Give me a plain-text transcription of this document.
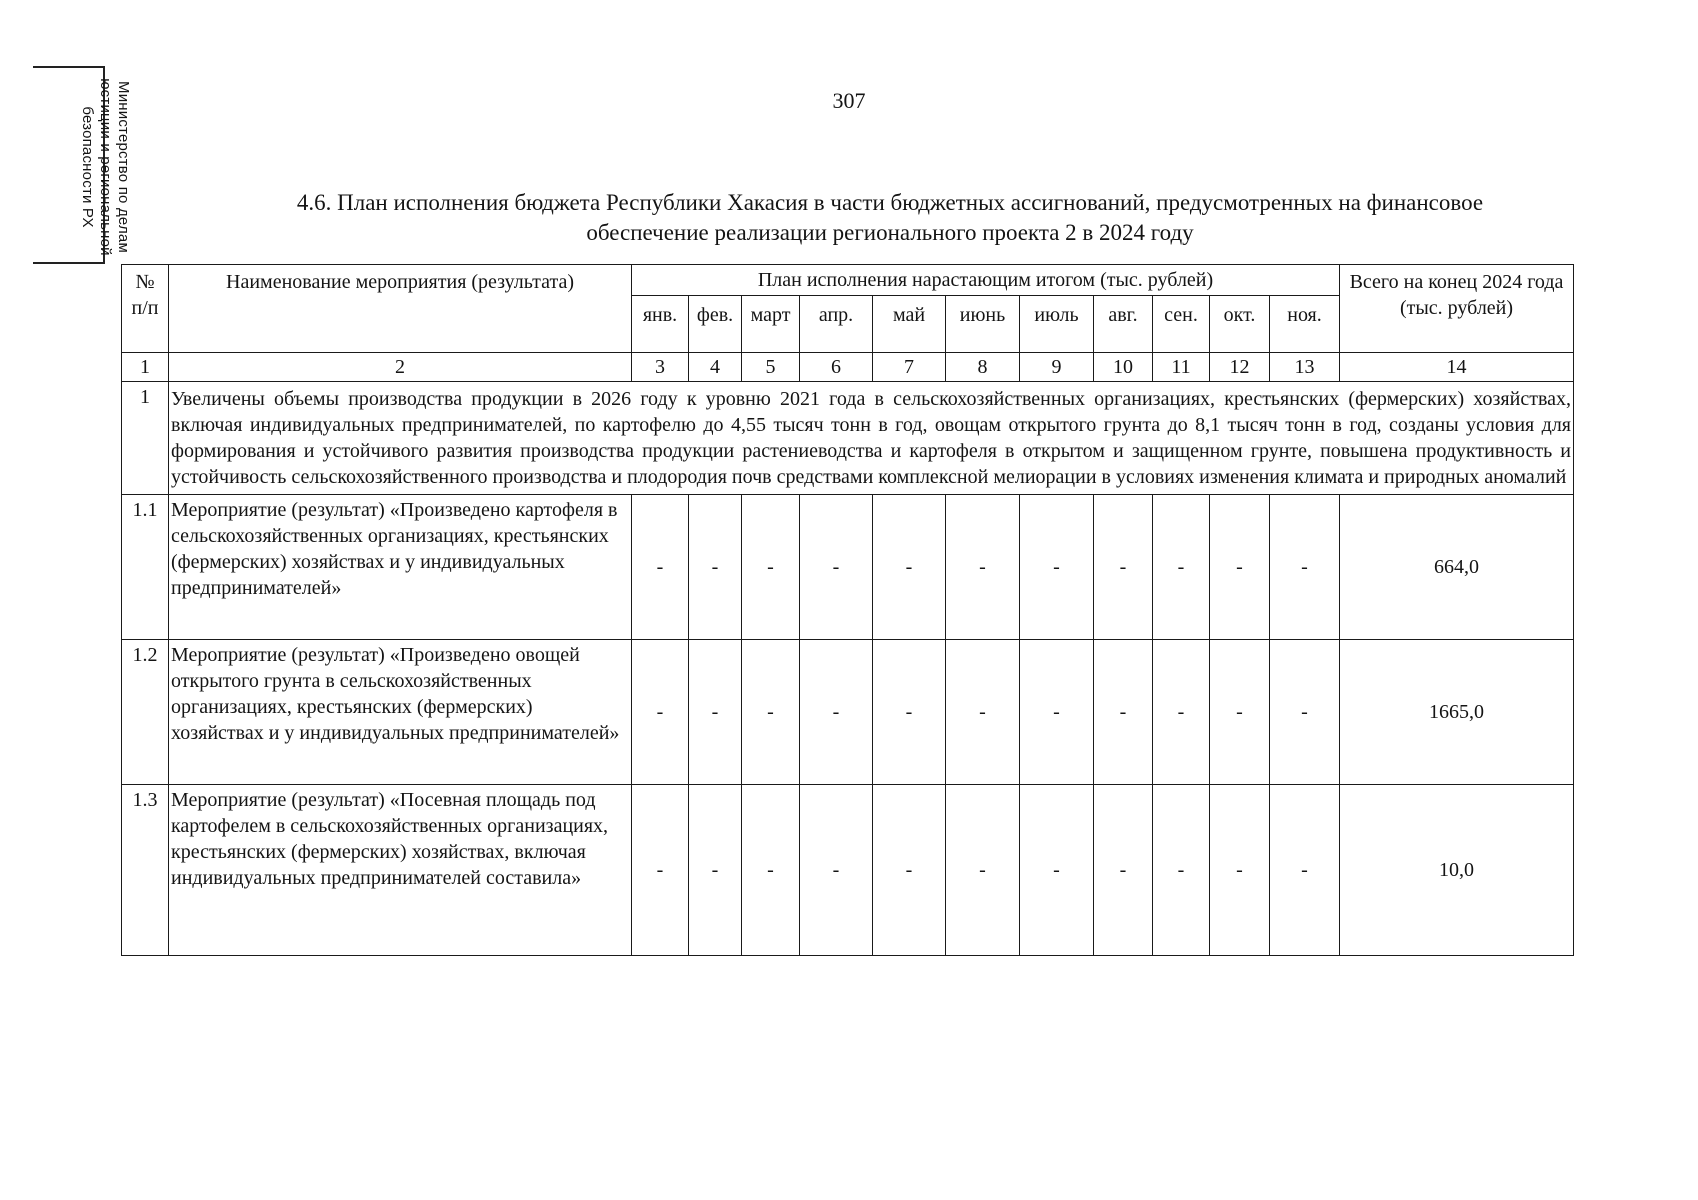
Министерство по делам
юстиции и региональной
безопасности РХ
307
4.6. План исполнения бюджета Республики Хакасия в части бюджетных ассигнований, предусмотренных на финансовое
обеспечение реализации регионального проекта 2 в 2024 году
№ п/п	Наименование мероприятия (результата)	План исполнения нарастающим итогом (тыс. рублей)											Всего на конец 2024 года (тыс. рублей)
		янв.	фев.	март	апр.	май	июнь	июль	авг.	сен.	окт.	ноя.	
1	2	3	4	5	6	7	8	9	10	11	12	13	14
1	Увеличены объемы производства продукции в 2026 году к уровню 2021 года в сельскохозяйственных организациях, крестьянских (фермерских) хозяйствах, включая индивидуальных предпринимателей, по картофелю до 4,55 тысяч тонн в год, овощам открытого грунта до 8,1 тысяч тонн в год, созданы условия для формирования и устойчивого развития производства продукции растениеводства и картофеля в открытом и защищенном грунте, повышена продуктивность и устойчивость сельскохозяйственного производства и плодородия почв средствами комплексной мелиорации в условиях изменения климата и природных аномалий												
1.1	Мероприятие (результат) «Произведено картофеля в сельскохозяйственных организациях, крестьянских (фермерских) хозяйствах и у индивидуальных предпринимателей»	-	-	-	-	-	-	-	-	-	-	-	664,0
1.2	Мероприятие (результат) «Произведено овощей открытого грунта в сельскохозяйственных организациях, крестьянских (фермерских) хозяйствах и у индивидуальных предпринимателей»	-	-	-	-	-	-	-	-	-	-	-	1665,0
1.3	Мероприятие (результат) «Посевная площадь под картофелем в сельскохозяйственных организациях, крестьянских (фермерских) хозяйствах, включая индивидуальных предпринимателей составила»	-	-	-	-	-	-	-	-	-	-	-	10,0
